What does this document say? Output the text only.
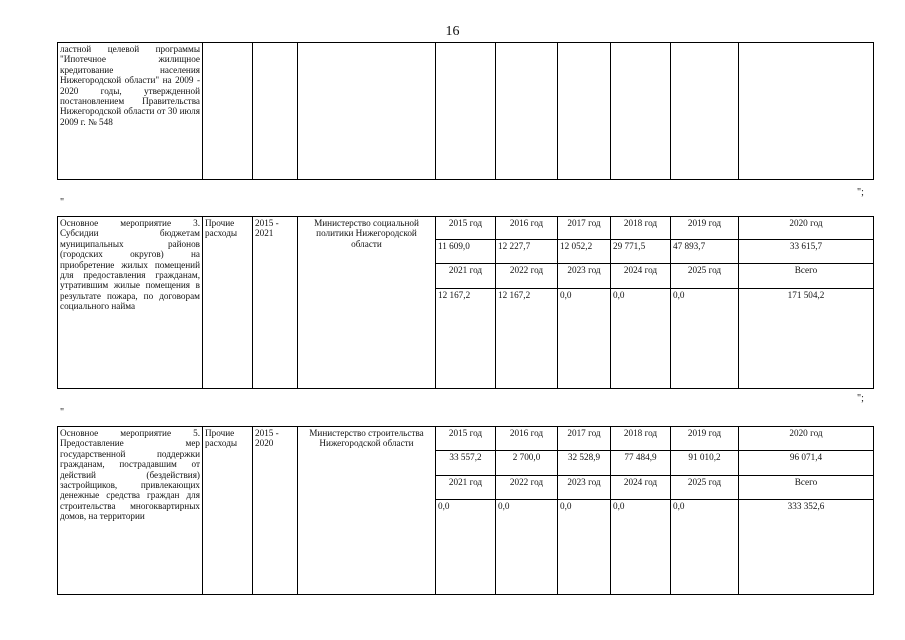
16
ластной целевой программы "Ипотечное жилищное кредитование населения Нижегородской области" на 2009 - 2020 годы, утвержденной постановлением Правительства Нижегородской области от 30 июля 2009 г. № 548									
";
"
Основное мероприятие 3. Субсидии бюджетам муниципальных районов (городских округов) на приобретение жилых помещений для предоставления гражданам, утратившим жилые помещения в результате пожара, по договорам социального найма	Прочие расходы	2015 - 2021	Министерство социальной политики Нижегородской области	2015 год	2016 год	2017 год	2018 год	2019 год	2020 год
				11 609,0	12 227,7	12 052,2	29 771,5	47 893,7	33 615,7
				2021 год	2022 год	2023 год	2024 год	2025 год	Всего
				12 167,2	12 167,2	0,0	0,0	0,0	171 504,2
";
"
Основное мероприятие 5. Предоставление мер государственной поддержки гражданам, пострадавшим от действий (бездействия) застройщиков, привлекающих денежные средства граждан для строительства многоквартирных домов, на территории	Прочие расходы	2015 - 2020	Министерство строительства Нижегородской области	2015 год	2016 год	2017 год	2018 год	2019 год	2020 год
				33 557,2	2 700,0	32 528,9	77 484,9	91 010,2	96 071,4
				2021 год	2022 год	2023 год	2024 год	2025 год	Всего
				0,0	0,0	0,0	0,0	0,0	333 352,6
